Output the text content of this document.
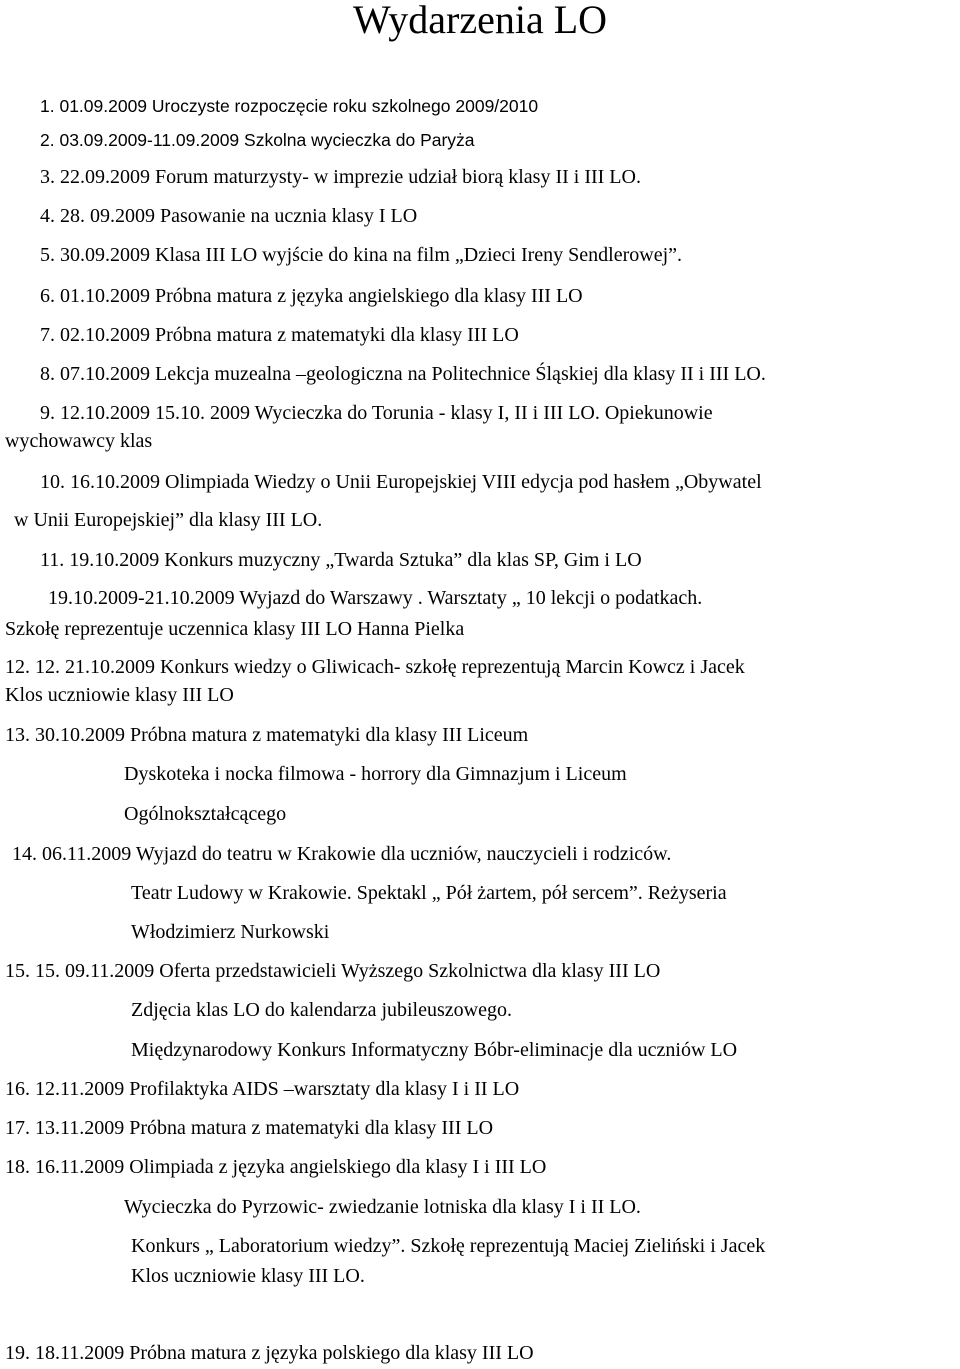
Wydarzenia LO

1. 01.09.2009 Uroczyste rozpoczęcie roku szkolnego 2009/2010

2. 03.09.2009-11.09.2009 Szkolna wycieczka do Paryża

3. 22.09.2009 Forum maturzysty- w imprezie udział biorą klasy II i III LO.

4. 28. 09.2009 Pasowanie na ucznia klasy I LO

5. 30.09.2009 Klasa III LO wyjście do kina na film „Dzieci Ireny Sendlerowej”.

6. 01.10.2009 Próbna matura z języka angielskiego dla klasy III LO

7. 02.10.2009 Próbna matura z matematyki dla klasy III LO

8. 07.10.2009 Lekcja muzealna –geologiczna na Politechnice Śląskiej dla klasy II i III LO.

9. 12.10.2009 15.10. 2009 Wycieczka do Torunia - klasy I, II i III LO. Opiekunowie

wychowawcy klas

10. 16.10.2009 Olimpiada Wiedzy o Unii Europejskiej VIII edycja pod hasłem „Obywatel

w Unii Europejskiej” dla klasy III LO.

11. 19.10.2009 Konkurs muzyczny „Twarda Sztuka” dla klas SP, Gim i LO

19.10.2009-21.10.2009 Wyjazd do Warszawy . Warsztaty „ 10 lekcji o podatkach.

Szkołę reprezentuje uczennica klasy III LO Hanna Pielka

12. 12. 21.10.2009 Konkurs wiedzy o Gliwicach- szkołę reprezentują Marcin Kowcz i Jacek

Klos uczniowie klasy III LO

13. 30.10.2009 Próbna matura z matematyki dla klasy III Liceum

Dyskoteka i nocka filmowa - horrory dla Gimnazjum i Liceum

Ogólnokształcącego

14. 06.11.2009 Wyjazd do teatru w Krakowie dla uczniów, nauczycieli i rodziców.

Teatr Ludowy w Krakowie. Spektakl „ Pół żartem, pół sercem”. Reżyseria

Włodzimierz Nurkowski

15. 15. 09.11.2009 Oferta przedstawicieli Wyższego Szkolnictwa dla klasy III LO

Zdjęcia klas LO do kalendarza jubileuszowego.

Międzynarodowy Konkurs Informatyczny Bóbr-eliminacje dla uczniów LO

16. 12.11.2009 Profilaktyka AIDS –warsztaty dla klasy I i II LO

17. 13.11.2009 Próbna matura z matematyki dla klasy III LO

18. 16.11.2009 Olimpiada z języka angielskiego dla klasy I i III LO

Wycieczka do Pyrzowic- zwiedzanie lotniska dla klasy I i II LO.

Konkurs „ Laboratorium wiedzy”. Szkołę reprezentują Maciej Zieliński i Jacek

Klos uczniowie klasy III LO.

19. 18.11.2009 Próbna matura z języka polskiego dla klasy III LO
